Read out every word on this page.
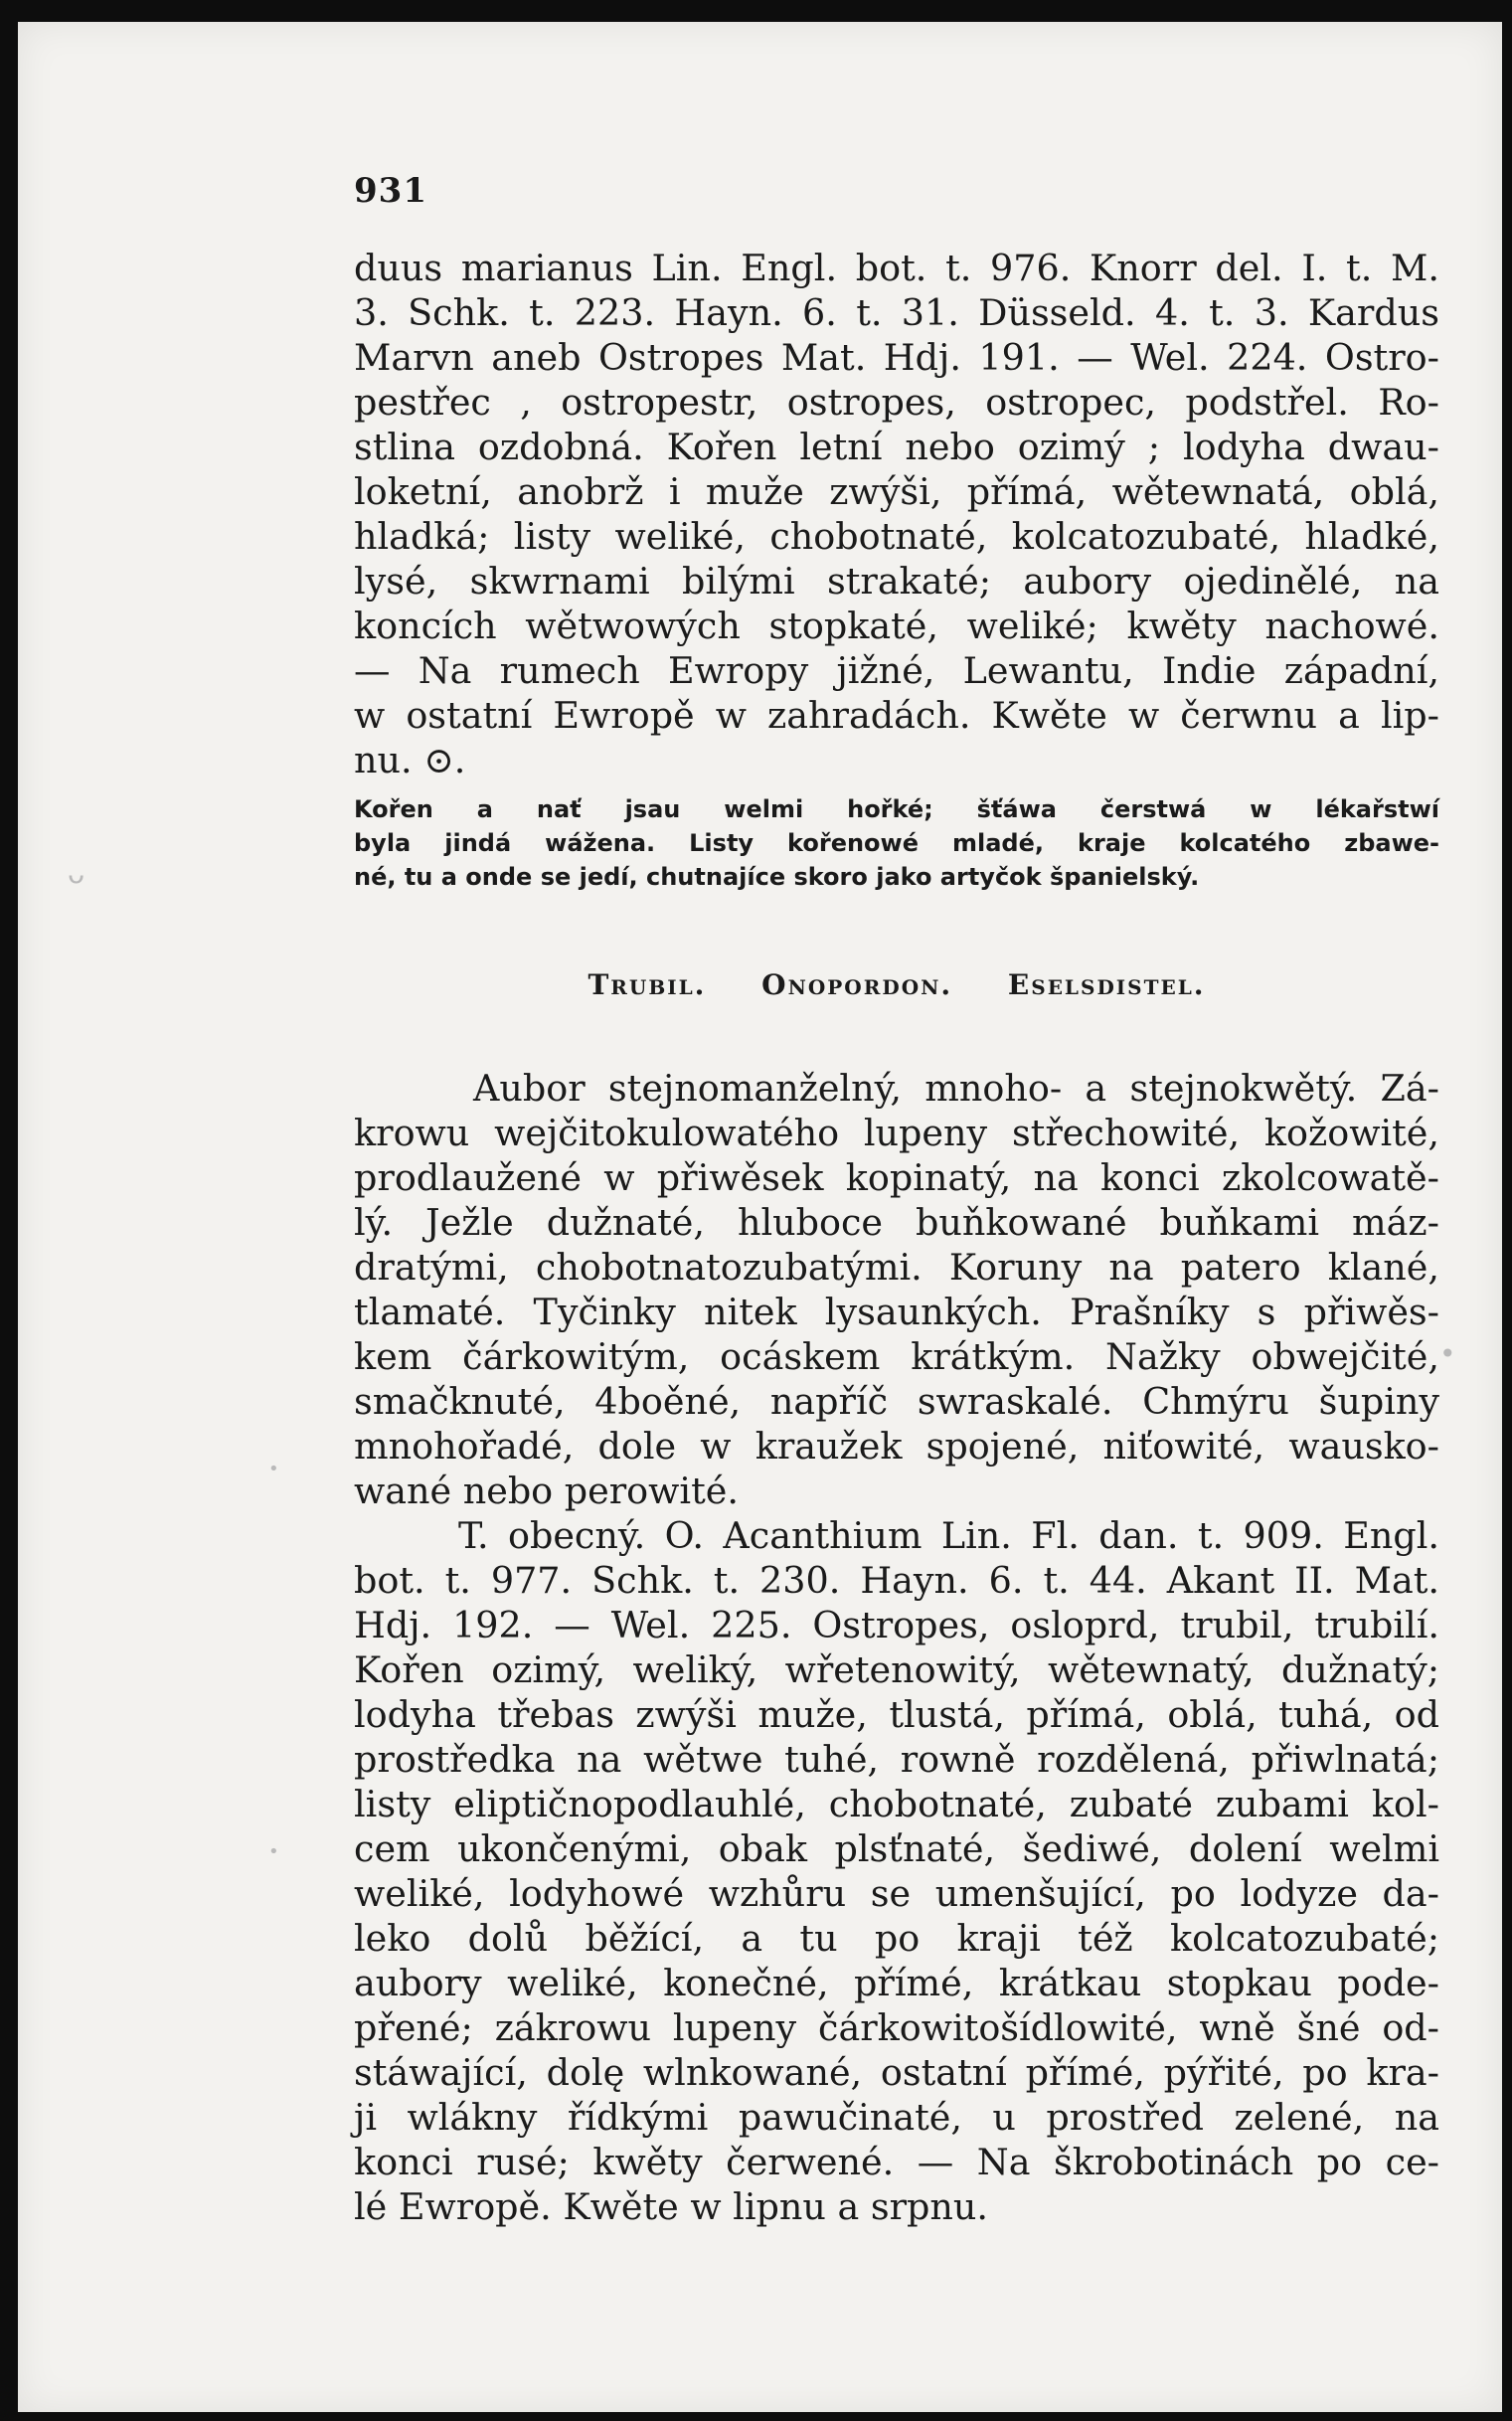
ᴗ
•
•
•
931
duus marianus Lin. Engl. bot. t. 976. Knorr del. I. t. M.
3. Schk. t. 223. Hayn. 6. t. 31. Düsseld. 4. t. 3. Kardus
Marvn aneb Ostropes Mat. Hdj. 191. — Wel. 224. Ostro-
pestřec , ostropestr, ostropes, ostropec, podstřel. Ro-
stlina ozdobná. Kořen letní nebo ozimý ; lodyha dwau-
loketní, anobrž i muže zwýši, přímá, wětewnatá, oblá,
hladká; listy weliké, chobotnaté, kolcatozubaté, hladké,
lysé, skwrnami bilými strakaté; aubory ojedinělé, na
koncích wětwowých stopkaté, weliké; kwěty nachowé.
— Na rumech Ewropy jižné, Lewantu, Indie západní,
w ostatní Ewropě w zahradách. Kwěte w čerwnu a lip-
nu. ⊙.
Kořen a nať jsau welmi hořké; šťáwa čerstwá w lékařstwí
byla jindá wážena. Listy kořenowé mladé, kraje kolcatého zbawe-
né, tu a onde se jedí, chutnajíce skoro jako artyčok španielský.
Trubil. Onopordon. Eselsdistel.
Aubor stejnomanželný, mnoho- a stejnokwětý. Zá-
krowu wejčitokulowatého lupeny střechowité, kožowité,
prodlaužené w přiwěsek kopinatý, na konci zkolcowatě-
lý. Ježle dužnaté, hluboce buňkowané buňkami máz-
dratými, chobotnatozubatými. Koruny na patero klané,
tlamaté. Tyčinky nitek lysaunkých. Prašníky s přiwěs-
kem čárkowitým, ocáskem krátkým. Nažky obwejčité,
smačknuté, 4boěné, napříč swraskalé. Chmýru šupiny
mnohořadé, dole w kraužek spojené, niťowité, wausko-
wané nebo perowité.
T. obecný. O. Acanthium Lin. Fl. dan. t. 909. Engl.
bot. t. 977. Schk. t. 230. Hayn. 6. t. 44. Akant II. Mat.
Hdj. 192. — Wel. 225. Ostropes, osloprd, trubil, trubilí.
Kořen ozimý, weliký, wřetenowitý, wětewnatý, dužnatý;
lodyha třebas zwýši muže, tlustá, přímá, oblá, tuhá, od
prostředka na wětwe tuhé, rowně rozdělená, přiwlnatá;
listy eliptičnopodlauhlé, chobotnaté, zubaté zubami kol-
cem ukončenými, obak plsťnaté, šediwé, dolení welmi
weliké, lodyhowé wzhůru se umenšující, po lodyze da-
leko dolů běžící, a tu po kraji též kolcatozubaté;
aubory weliké, konečné, přímé, krátkau stopkau pode-
přené; zákrowu lupeny čárkowitošídlowité, wně šné od-
stáwající, dolę wlnkowané, ostatní přímé, pýřité, po kra-
ji wlákny řídkými pawučinaté, u prostřed zelené, na
konci rusé; kwěty čerwené. — Na škrobotinách po ce-
lé Ewropě. Kwěte w lipnu a srpnu.
